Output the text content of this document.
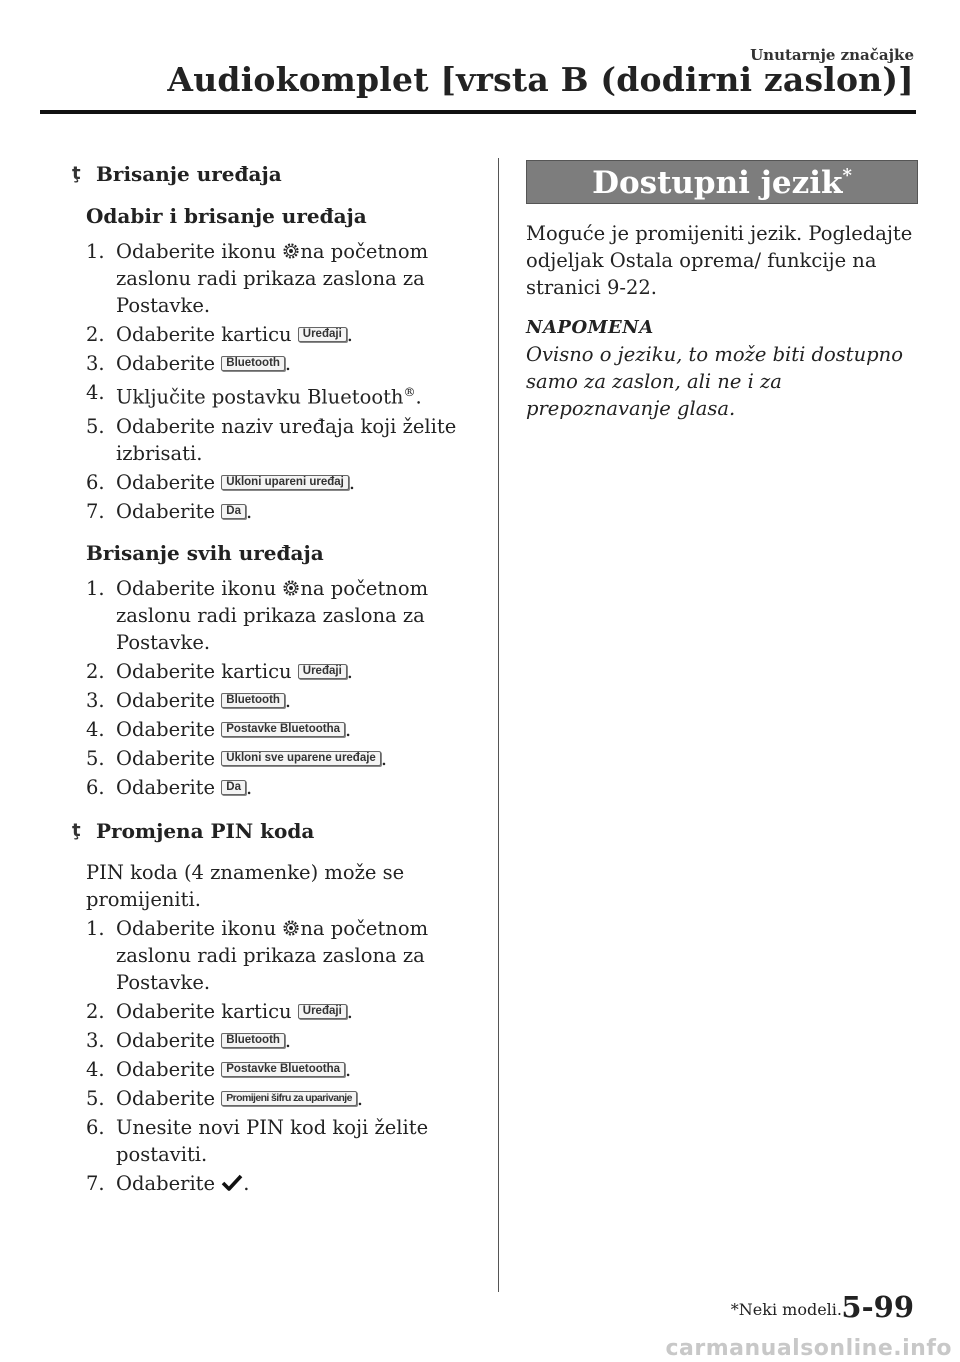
Unutarnje značajke
Audiokomplet [vrsta B (dodirni zaslon)]
ţ Brisanje uređaja
Odabir i brisanje uređaja
1. Odaberite ikonu na početnom zaslonu radi prikaza zaslona za Postavke.
2. Odaberite karticu Uređaji .
3. Odaberite Bluetooth .
4. Uključite postavku Bluetooth®.
5. Odaberite naziv uređaja koji želite izbrisati.
6. Odaberite Ukloni upareni uređaj .
7. Odaberite Da .
Brisanje svih uređaja
1. Odaberite ikonu na početnom zaslonu radi prikaza zaslona za Postavke.
2. Odaberite karticu Uređaji .
3. Odaberite Bluetooth .
4. Odaberite Postavke Bluetootha .
5. Odaberite Ukloni sve uparene uređaje .
6. Odaberite Da .
ţ Promjena PIN koda
PIN koda (4 znamenke) može se promijeniti.
1. Odaberite ikonu na početnom zaslonu radi prikaza zaslona za Postavke.
2. Odaberite karticu Uređaji .
3. Odaberite Bluetooth .
4. Odaberite Postavke Bluetootha .
5. Odaberite Promijeni šifru za uparivanje .
6. Unesite novi PIN kod koji želite postaviti.
7. Odaberite .
Dostupni jezik*
Moguće je promijeniti jezik. Pogledajte odjeljak Ostala oprema/ funkcije na stranici 9-22.
NAPOMENA
Ovisno o jeziku, to može biti dostupno samo za zaslon, ali ne i za prepoznavanje glasa.
*Neki modeli. 5-99
carmanualsonline.info
